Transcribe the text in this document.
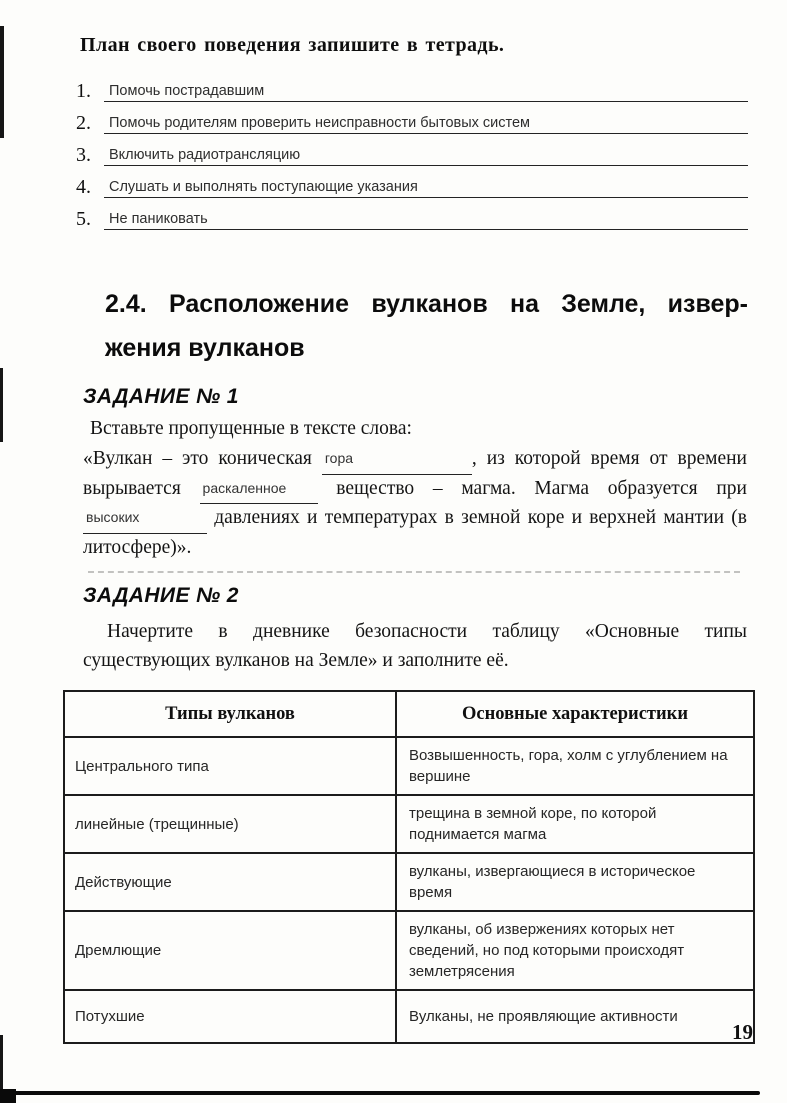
План своего поведения запишите в тетрадь.
1.	Помочь пострадавшим
2.	Помочь родителям проверить неисправности бытовых систем
3.	Включить радиотрансляцию
4.	Слушать и выполнять поступающие указания
5.	Не паниковать
2.4. Расположение вулканов на Земле, извер-
жения вулканов
ЗАДАНИЕ № 1

Вставьте пропущенные в тексте слова:

«Вулкан – это коническая гора	, из которой время от времени вырывается раскаленное вещество – магма. Магма образуется при высоких	давлениях и температурах в земной коре и верхней мантии (в литосфере)».

ЗАДАНИЕ № 2

Начертите в дневнике безопасности таблицу «Основные типы существующих вулканов на Земле» и заполните её.

Типы вулканов	Основные характеристики
Центрального типа	Возвышенность, гора, холм с углублением на вершине
линейные (трещинные)	трещина в земной коре, по которой поднимается магма
Действующие	вулканы, извергающиеся в историческое время
Дремлющие	вулканы, об извержениях которых нет сведений, но под которыми происходят землетрясения
Потухшие	Вулканы, не проявляющие активности
19
